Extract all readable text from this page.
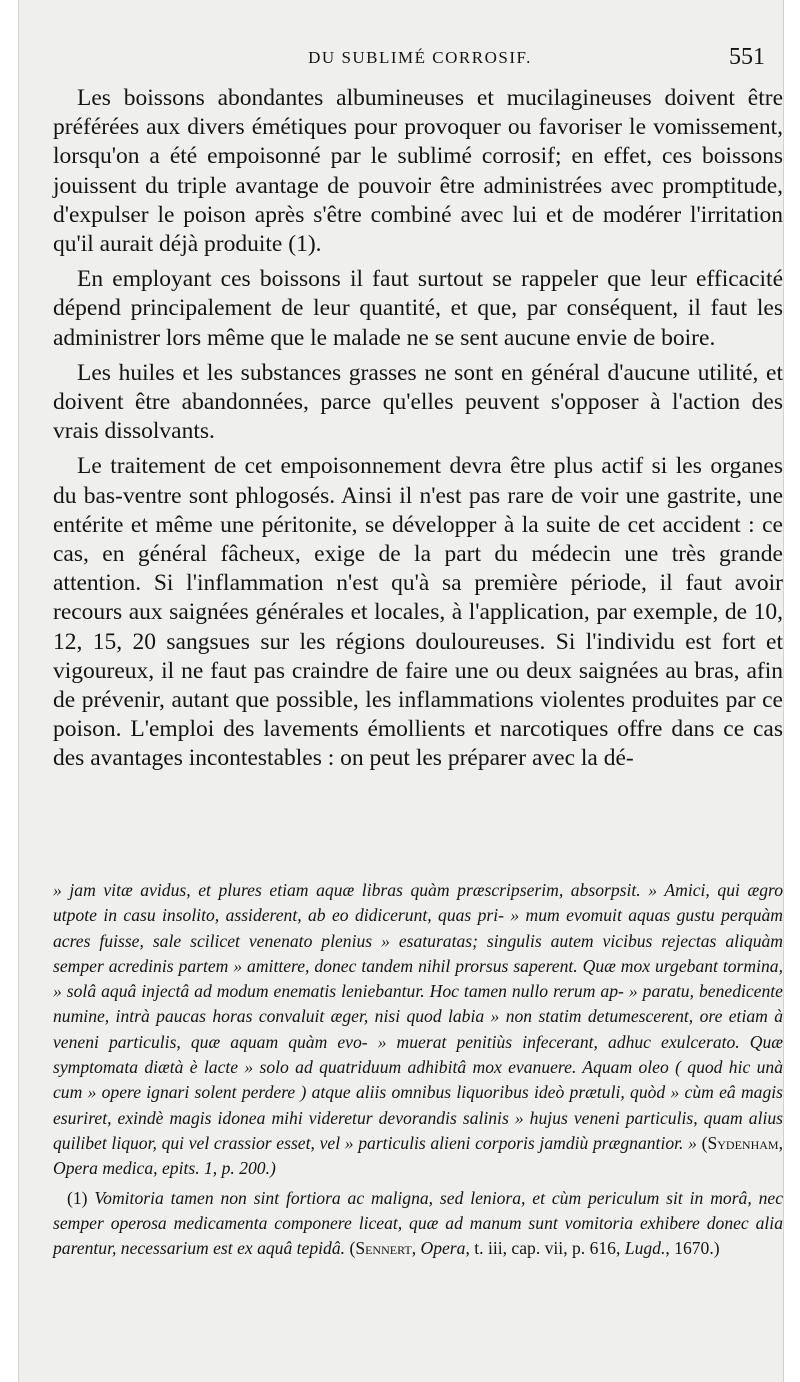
DU SUBLIMÉ CORROSIF.	551

Les boissons abondantes albumineuses et mucilagineuses doivent être préférées aux divers émétiques pour provoquer ou favoriser le vomissement, lorsqu'on a été empoisonné par le sublimé corrosif; en effet, ces boissons jouissent du triple avantage de pouvoir être administrées avec promptitude, d'expulser le poison après s'être combiné avec lui et de modérer l'irritation qu'il aurait déjà produite (1).

En employant ces boissons il faut surtout se rappeler que leur efficacité dépend principalement de leur quantité, et que, par conséquent, il faut les administrer lors même que le malade ne se sent aucune envie de boire.

Les huiles et les substances grasses ne sont en général d'aucune utilité, et doivent être abandonnées, parce qu'elles peuvent s'opposer à l'action des vrais dissolvants.

Le traitement de cet empoisonnement devra être plus actif si les organes du bas-ventre sont phlogosés. Ainsi il n'est pas rare de voir une gastrite, une entérite et même une péritonite, se développer à la suite de cet accident : ce cas, en général fâcheux, exige de la part du médecin une très grande attention. Si l'inflammation n'est qu'à sa première période, il faut avoir recours aux saignées générales et locales, à l'application, par exemple, de 10, 12, 15, 20 sangsues sur les régions douloureuses. Si l'individu est fort et vigoureux, il ne faut pas craindre de faire une ou deux saignées au bras, afin de prévenir, autant que possible, les inflammations violentes produites par ce poison. L'emploi des lavements émollients et narcotiques offre dans ce cas des avantages incontestables : on peut les préparer avec la dé-

» jam vitæ avidus, et plures etiam aquæ libras quàm præscripserim, absorpsit. » Amici, qui ægro utpote in casu insolito, assiderent, ab eo didicerunt, quas pri- » mum evomuit aquas gustu perquàm acres fuisse, sale scilicet venenato plenius » esaturatas; singulis autem vicibus rejectas aliquàm semper acredinis partem » amittere, donec tandem nihil prorsus saperent. Quæ mox urgebant tormina, » solâ aquâ injectâ ad modum enematis leniebantur. Hoc tamen nullo rerum ap- » paratu, benedicente numine, intrà paucas horas convaluit æger, nisi quod labia » non statim detumescerent, ore etiam à veneni particulis, quæ aquam quàm evo- » muerat penitiùs infecerant, adhuc exulcerato. Quæ symptomata diætà è lacte » solo ad quatriduum adhibitâ mox evanuere. Aquam oleo ( quod hic unà cum » opere ignari solent perdere ) atque aliis omnibus liquoribus ideò prætuli, quòd » cùm eâ magis esuriret, exindè magis idonea mihi videretur devorandis salinis » hujus veneni particulis, quam alius quilibet liquor, qui vel crassior esset, vel » particulis alieni corporis jamdiù prægnantior. » (Sydenham, Opera medica, epits. 1, p. 200.)

(1) Vomitoria tamen non sint fortiora ac maligna, sed leniora, et cùm periculum sit in morâ, nec semper operosa medicamenta componere liceat, quæ ad manum sunt vomitoria exhibere donec alia parentur, necessarium est ex aquâ tepidâ. (Sennert, Opera, t. iii, cap. vii, p. 616, Lugd., 1670.)
